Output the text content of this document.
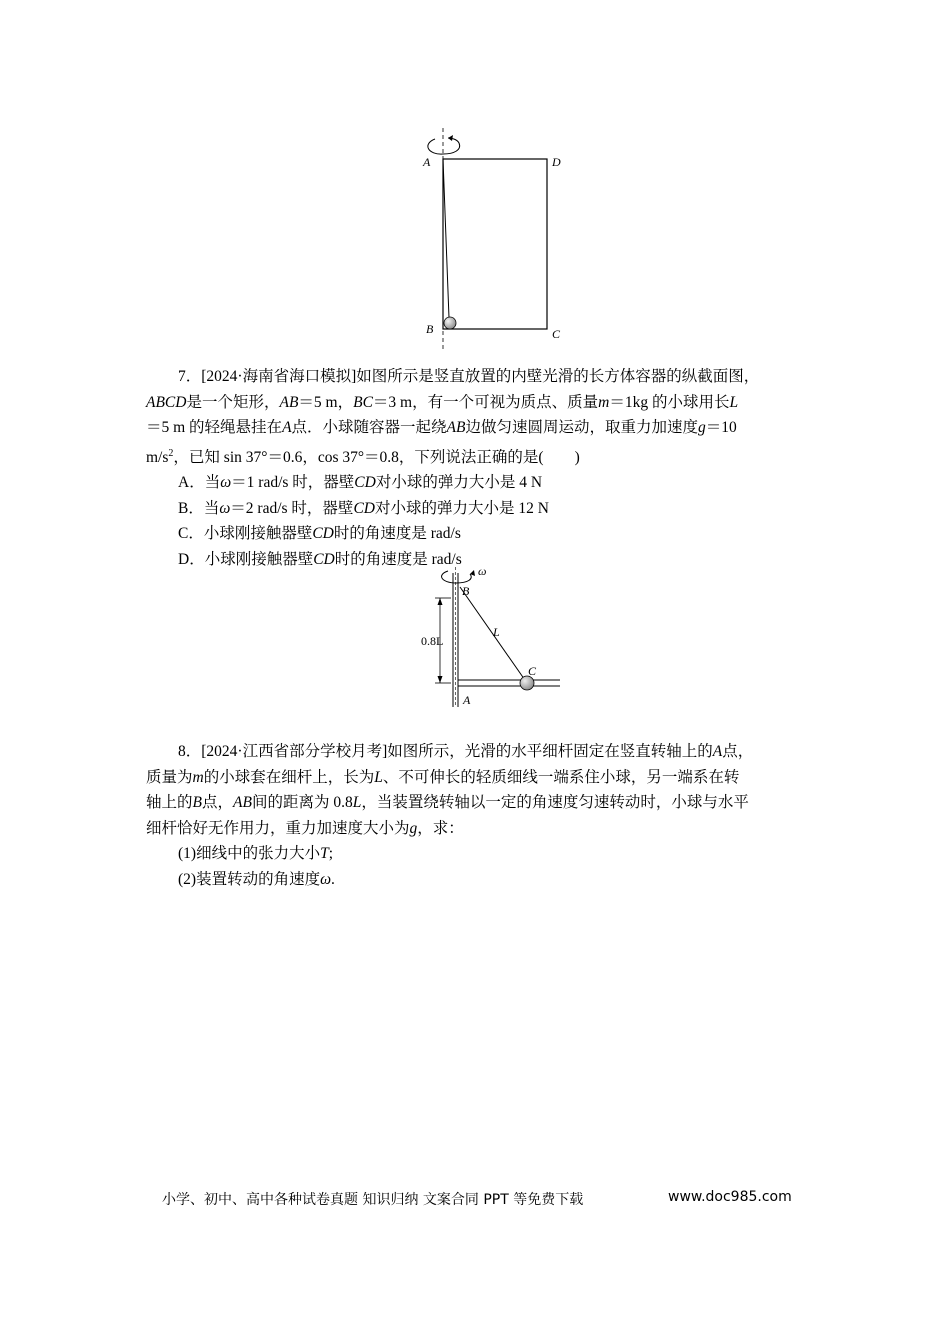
A	D
B	C

7．[2024·海南省海口模拟]如图所示是竖直放置的内壁光滑的长方体容器的纵截面图，

ABCD是一个矩形，AB＝5 m，BC＝3 m，有一个可视为质点、质量m＝1kg 的小球用长L

＝5 m 的轻绳悬挂在A点．小球随容器一起绕AB边做匀速圆周运动，取重力加速度g＝10

$m/s^2$，已知 sin 37°＝0.6，cos 37°＝0.8，下列说法正确的是(　　)

A．当ω＝1 rad/s 时，器壁CD对小球的弹力大小是 4 N

B．当ω＝2 rad/s 时，器壁CD对小球的弹力大小是 12 N

C．小球刚接触器壁CD时的角速度是 rad/s

D．小球刚接触器壁CD时的角速度是 rad/s

ω
0.8L
B
L
C
A

8．[2024·江西省部分学校月考]如图所示，光滑的水平细杆固定在竖直转轴上的A点，

质量为m的小球套在细杆上，长为L、不可伸长的轻质细线一端系住小球，另一端系在转

轴上的B点，AB间的距离为 0.8L，当装置绕转轴以一定的角速度匀速转动时，小球与水平

细杆恰好无作用力，重力加速度大小为g，求：

(1)细线中的张力大小T;

(2)装置转动的角速度ω.

小学、初中、高中各种试卷真题 知识归纳 文案合同 PPT 等免费下载	www.doc985.com
